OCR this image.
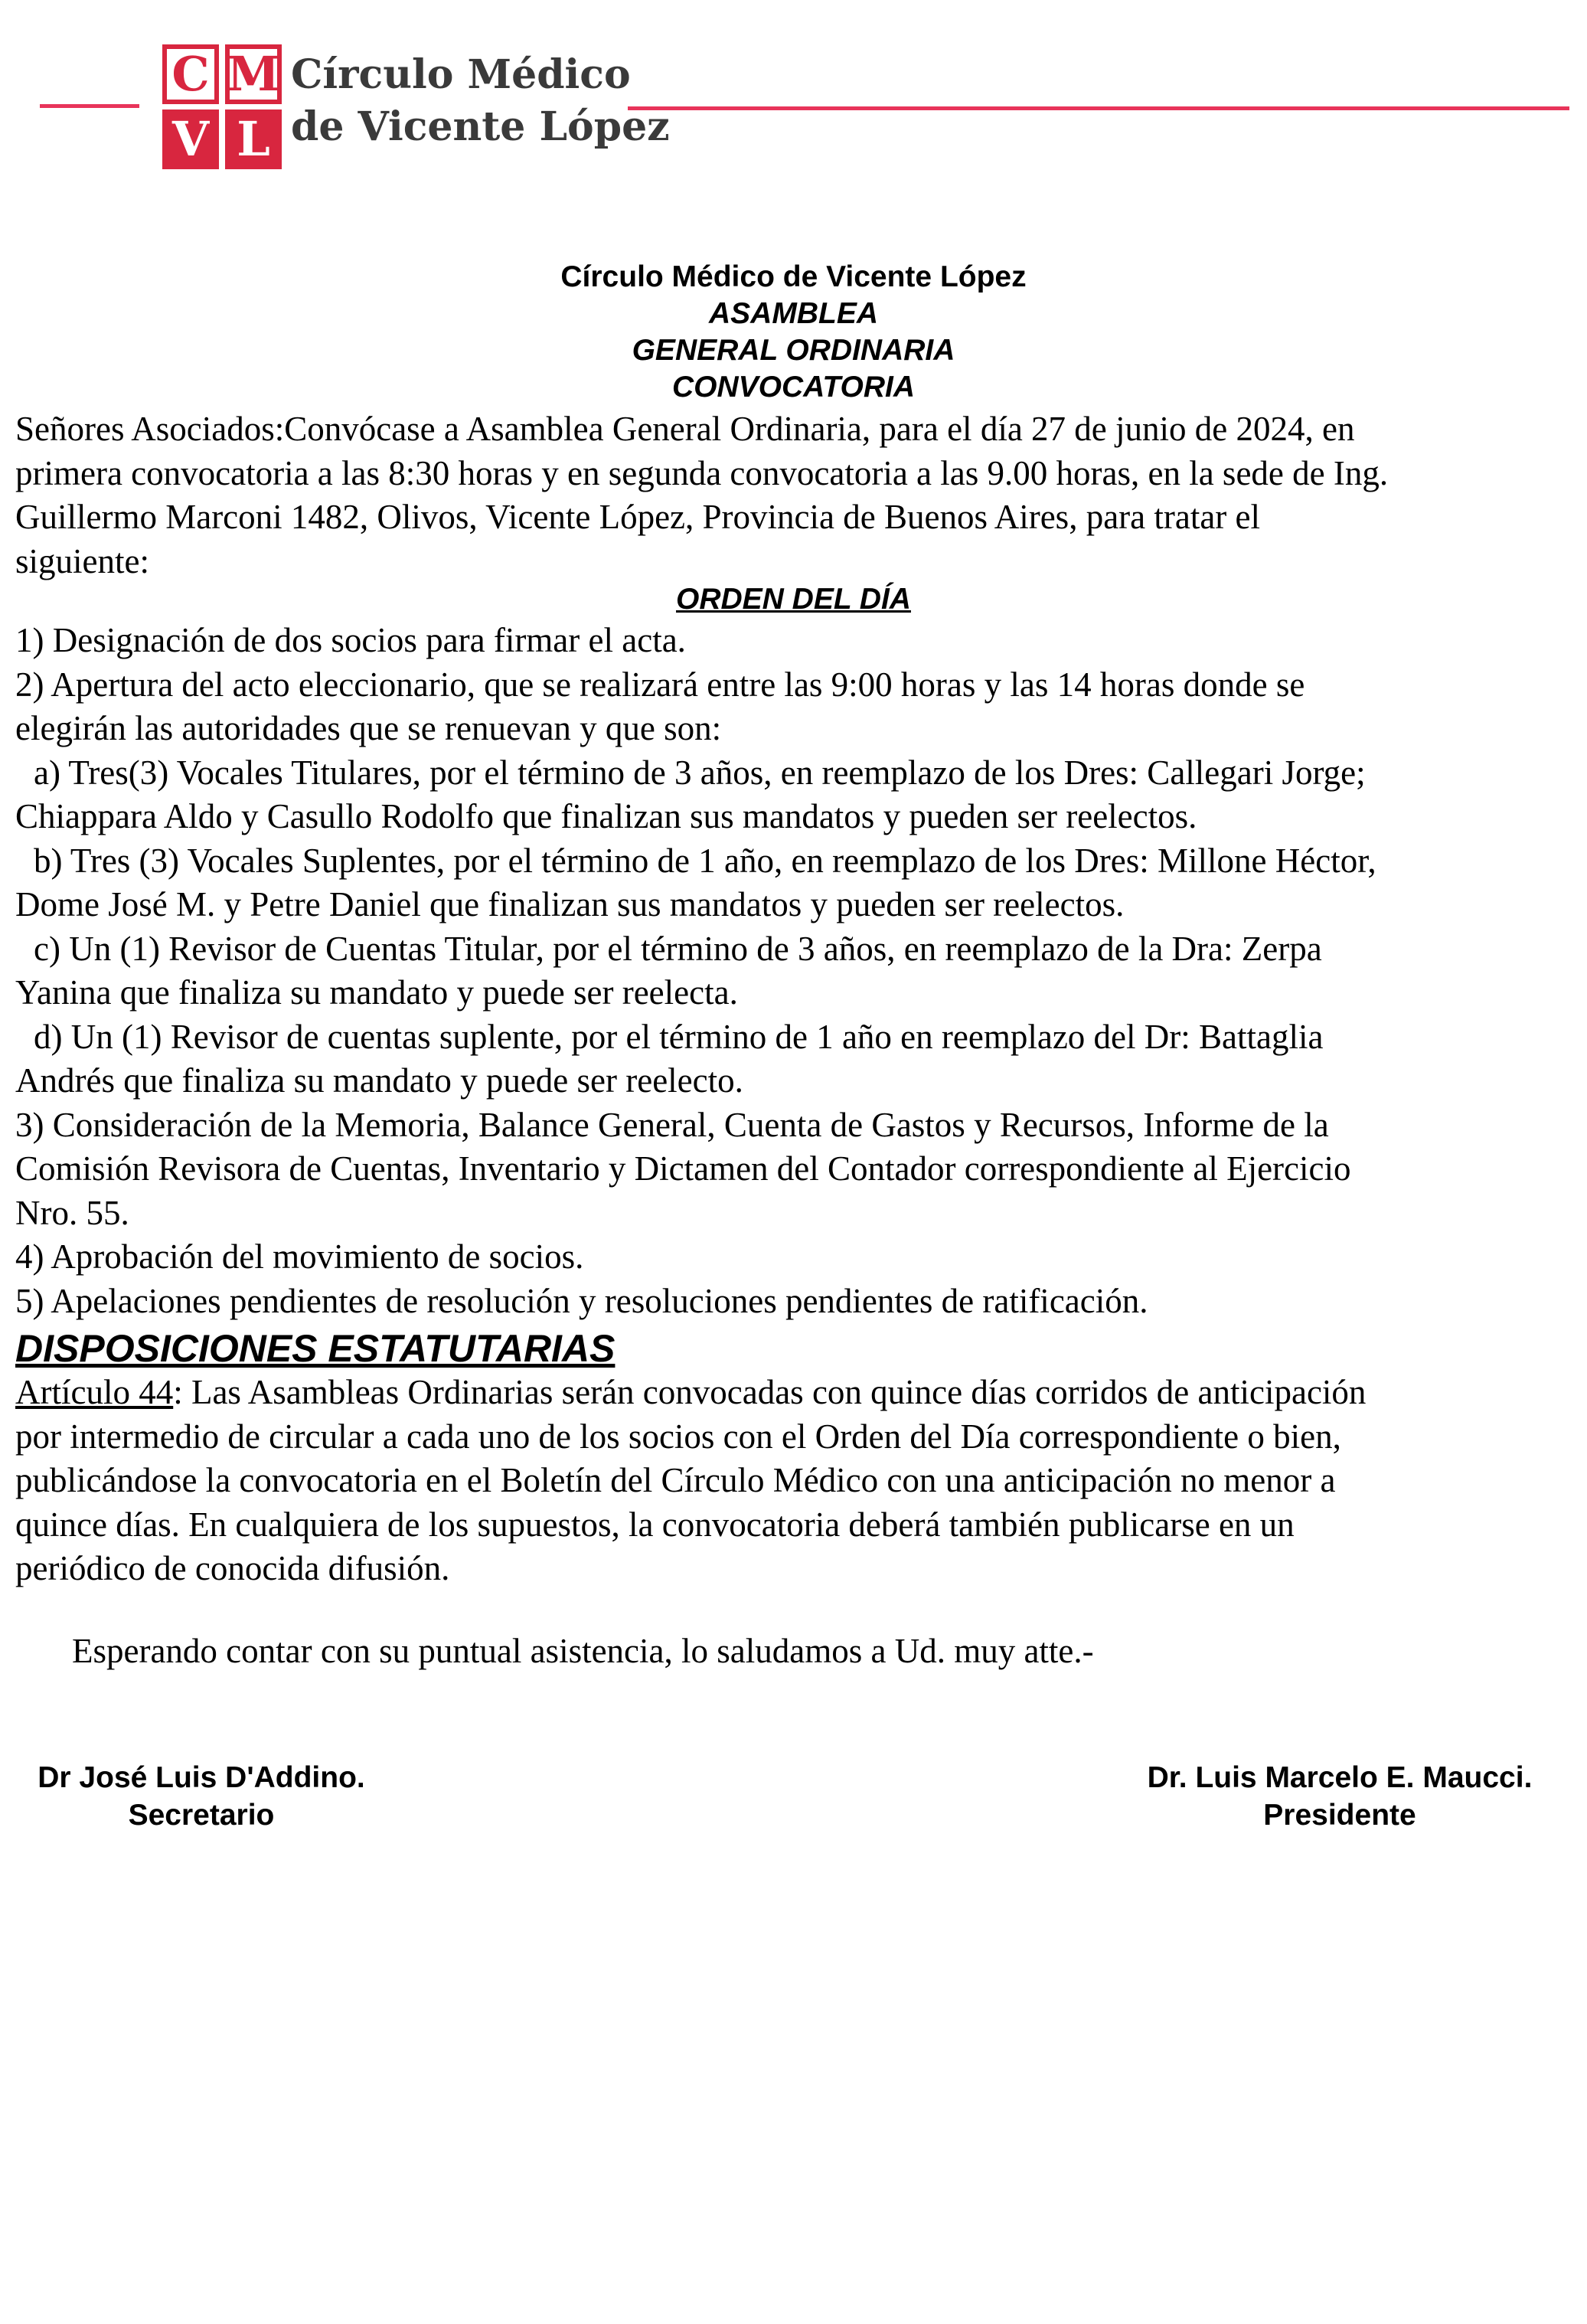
C M
V L
Círculo Médico
de Vicente López
Círculo Médico de Vicente López
ASAMBLEA
GENERAL ORDINARIA
CONVOCATORIA
Señores Asociados:Convócase a Asamblea General Ordinaria, para el día 27 de junio de 2024, en
primera convocatoria a las 8:30 horas y en segunda convocatoria a las 9.00 horas, en la sede de Ing.
Guillermo Marconi 1482, Olivos, Vicente López, Provincia de Buenos Aires, para tratar el
siguiente:
ORDEN DEL DÍA
1) Designación de dos socios para firmar el acta.
2) Apertura del acto eleccionario, que se realizará entre las 9:00 horas y las 14 horas donde se
elegirán las autoridades que se renuevan y que son:
a) Tres(3) Vocales Titulares, por el término de 3 años, en reemplazo de los Dres: Callegari Jorge;
Chiappara Aldo y Casullo Rodolfo que finalizan sus mandatos y pueden ser reelectos.
b) Tres (3) Vocales Suplentes, por el término de 1 año, en reemplazo de los Dres: Millone Héctor,
Dome José M. y Petre Daniel que finalizan sus mandatos y pueden ser reelectos.
c) Un (1) Revisor de Cuentas Titular, por el término de 3 años, en reemplazo de la Dra: Zerpa
Yanina que finaliza su mandato y puede ser reelecta.
d) Un (1) Revisor de cuentas suplente, por el término de 1 año en reemplazo del Dr: Battaglia
Andrés que finaliza su mandato y puede ser reelecto.
3) Consideración de la Memoria, Balance General, Cuenta de Gastos y Recursos, Informe de la
Comisión Revisora de Cuentas, Inventario y Dictamen del Contador correspondiente al Ejercicio
Nro. 55.
4) Aprobación del movimiento de socios.
5) Apelaciones pendientes de resolución y resoluciones pendientes de ratificación.
DISPOSICIONES ESTATUTARIAS
Artículo 44: Las Asambleas Ordinarias serán convocadas con quince días corridos de anticipación
por intermedio de circular a cada uno de los socios con el Orden del Día correspondiente o bien,
publicándose la convocatoria en el Boletín del Círculo Médico con una anticipación no menor a
quince días. En cualquiera de los supuestos, la convocatoria deberá también publicarse en un
periódico de conocida difusión.
Esperando contar con su puntual asistencia, lo saludamos a Ud. muy atte.-
Dr José Luis D'Addino.
Secretario
Dr. Luis Marcelo E. Maucci.
Presidente
